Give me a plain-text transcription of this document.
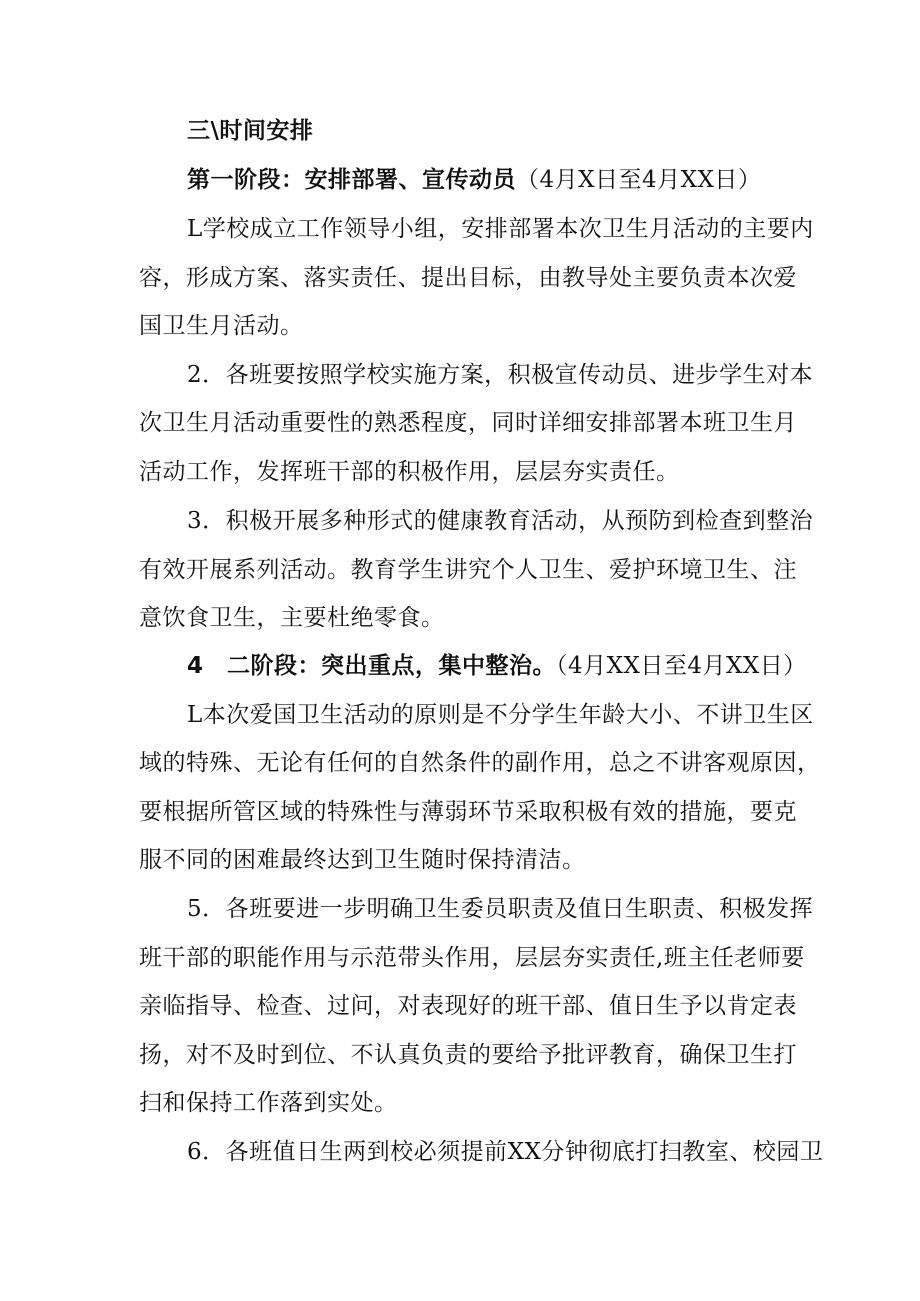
三\时间安排
第一阶段：安排部署、宣传动员（4月X日至4月XX日）
L学校成立工作领导小组，安排部署本次卫生月活动的主要内
容，形成方案、落实责任、提出目标，由教导处主要负责本次爱
国卫生月活动。
2．各班要按照学校实施方案，积极宣传动员、进步学生对本
次卫生月活动重要性的熟悉程度，同时详细安排部署本班卫生月
活动工作，发挥班干部的积极作用，层层夯实责任。
3．积极开展多种形式的健康教育活动，从预防到检查到整治
有效开展系列活动。教育学生讲究个人卫生、爱护环境卫生、注
意饮食卫生，主要杜绝零食。
4　二阶段：突出重点，集中整治。（4月XX日至4月XX日）
L本次爱国卫生活动的原则是不分学生年龄大小、不讲卫生区
域的特殊、无论有任何的自然条件的副作用，总之不讲客观原因，
要根据所管区域的特殊性与薄弱环节采取积极有效的措施，要克
服不同的困难最终达到卫生随时保持清洁。
5．各班要进一步明确卫生委员职责及值日生职责、积极发挥
班干部的职能作用与示范带头作用，层层夯实责任,班主任老师要
亲临指导、检查、过问，对表现好的班干部、值日生予以肯定表
扬，对不及时到位、不认真负责的要给予批评教育，确保卫生打
扫和保持工作落到实处。
6．各班值日生两到校必须提前XX分钟彻底打扫教室、校园卫
